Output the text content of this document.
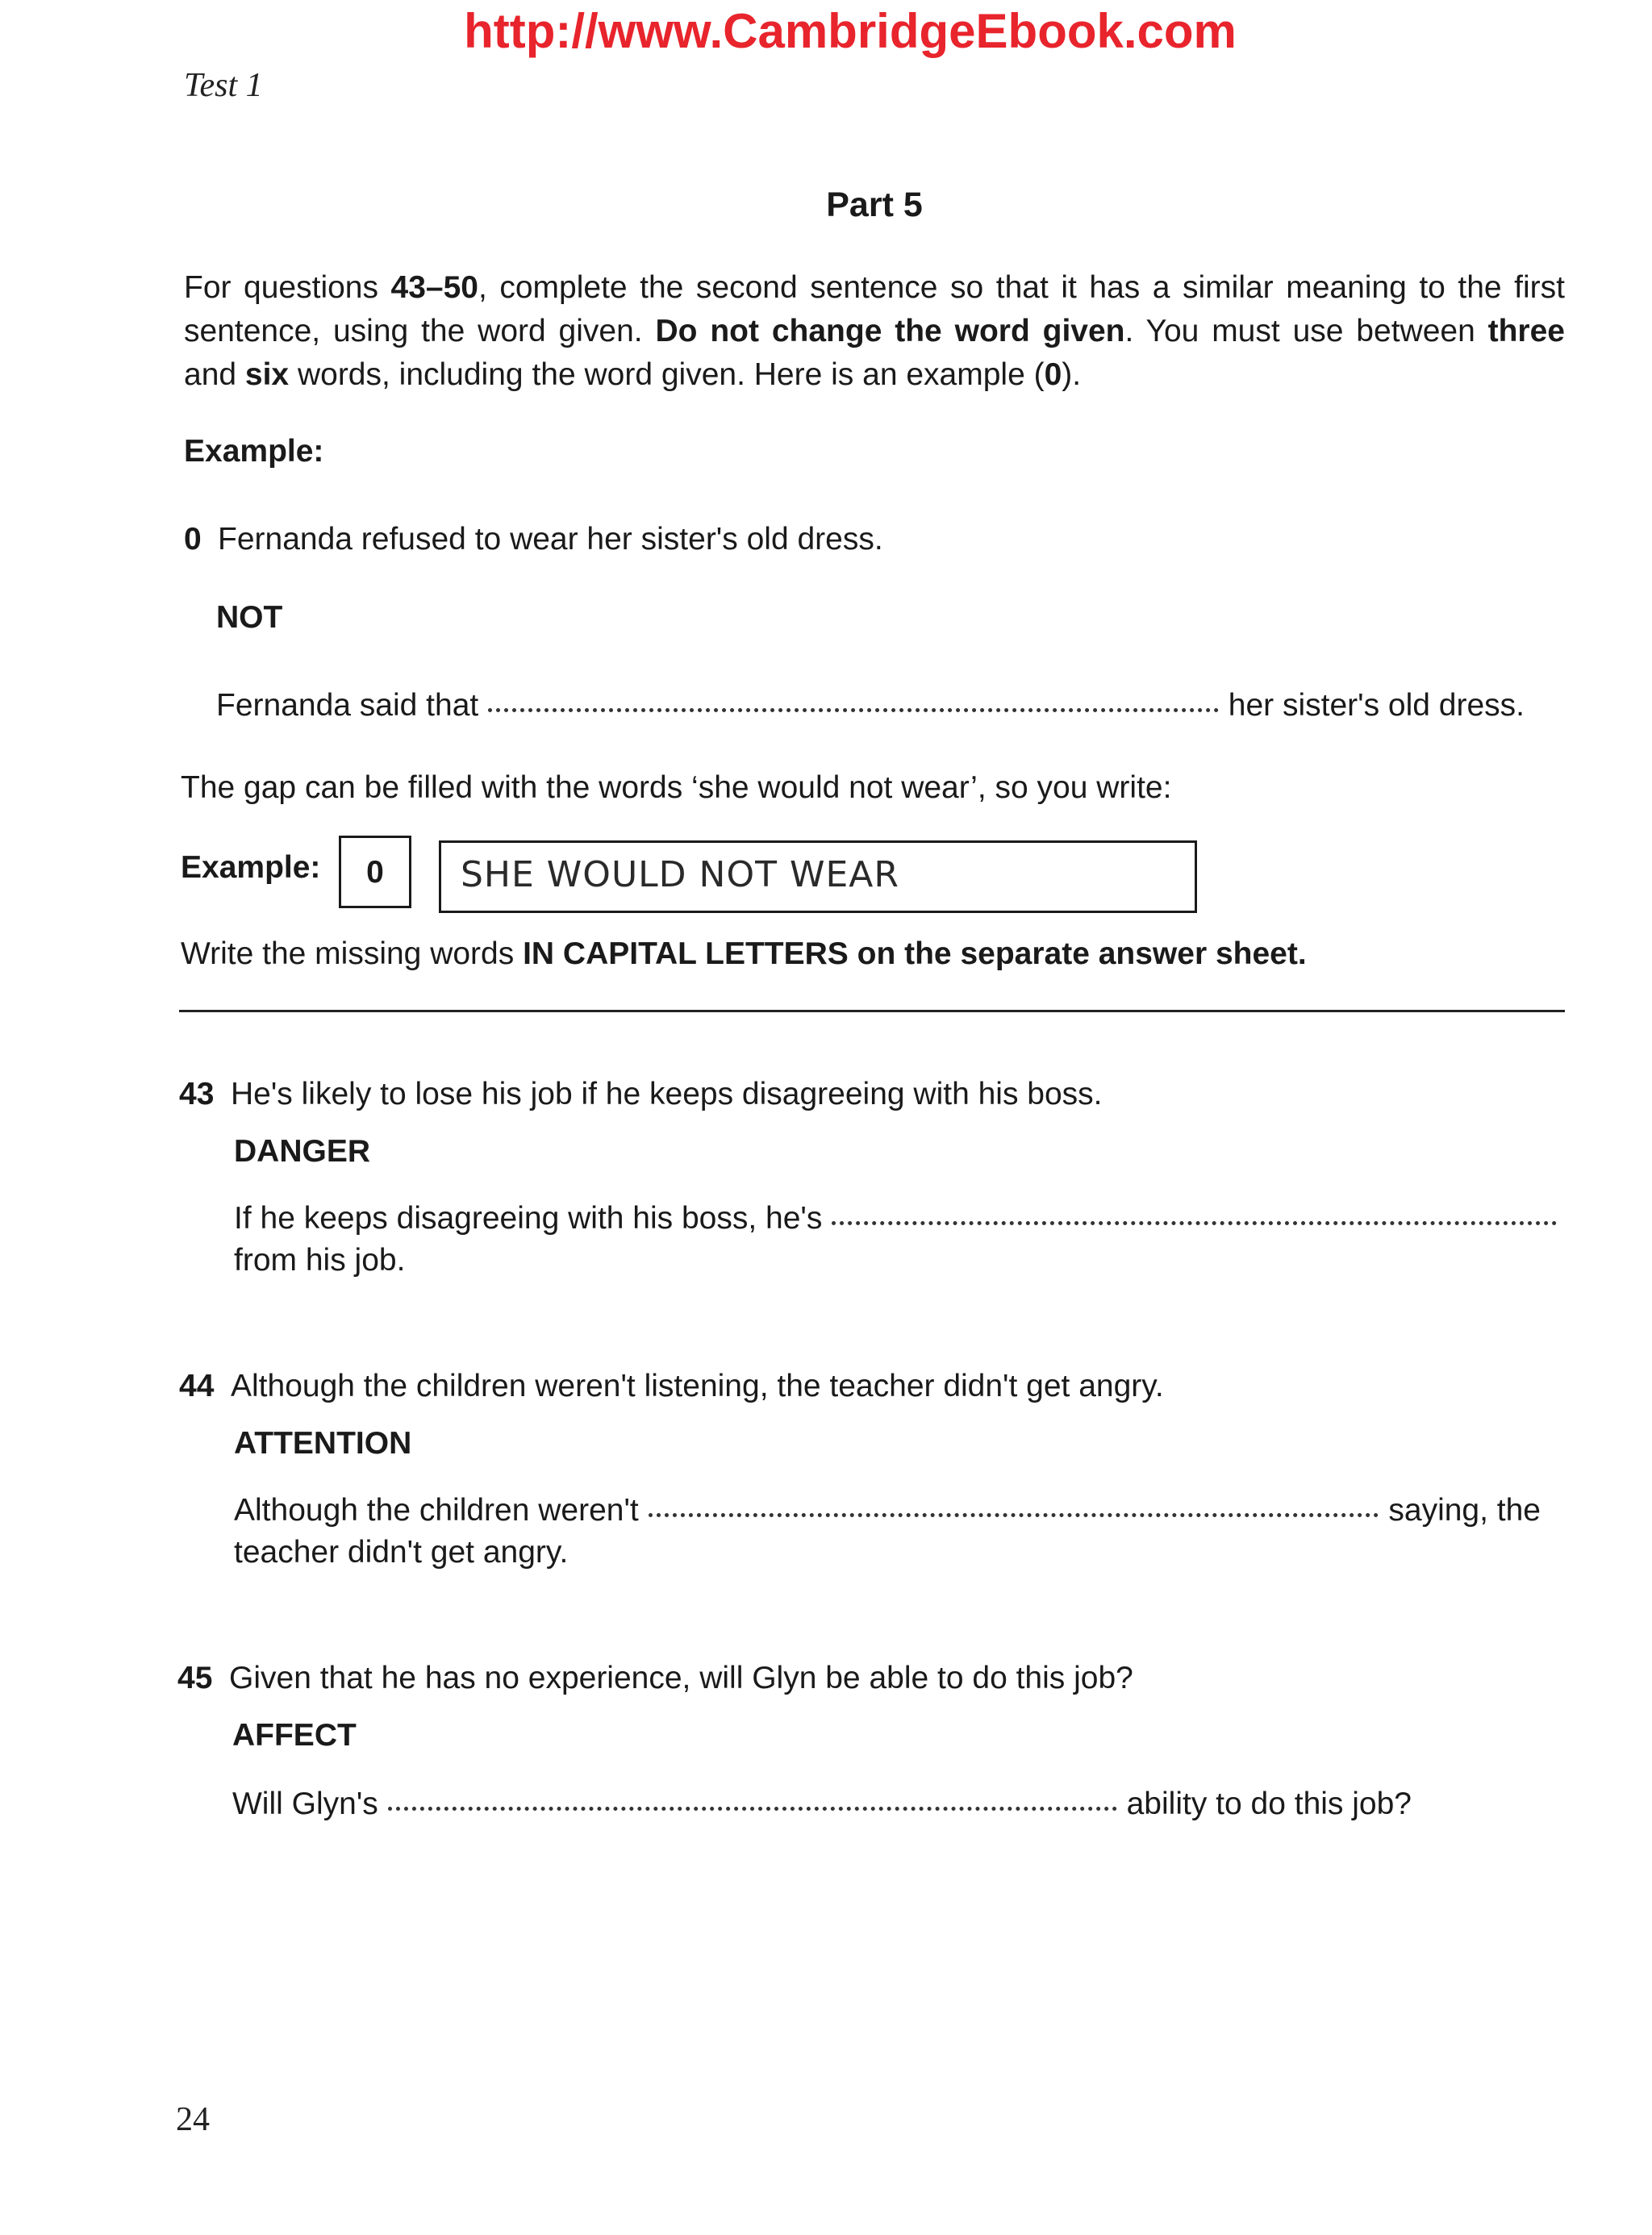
http://www.CambridgeEbook.com
Test 1
Part 5
For questions 43–50, complete the second sentence so that it has a similar meaning to the first sentence, using the word given. Do not change the word given. You must use between three and six words, including the word given. Here is an example (0).
Example:
0 Fernanda refused to wear her sister's old dress.
NOT
Fernanda said that	her sister's old dress.
The gap can be filled with the words ‘she would not wear’, so you write:
Example:	0	SHE WOULD NOT WEAR
Write the missing words IN CAPITAL LETTERS on the separate answer sheet.
43 He's likely to lose his job if he keeps disagreeing with his boss.
DANGER
If he keeps disagreeing with his boss, he's
from his job.
44 Although the children weren't listening, the teacher didn't get angry.
ATTENTION
Although the children weren't	saying, the
teacher didn't get angry.
45 Given that he has no experience, will Glyn be able to do this job?
AFFECT
Will Glyn's	ability to do this job?
24
